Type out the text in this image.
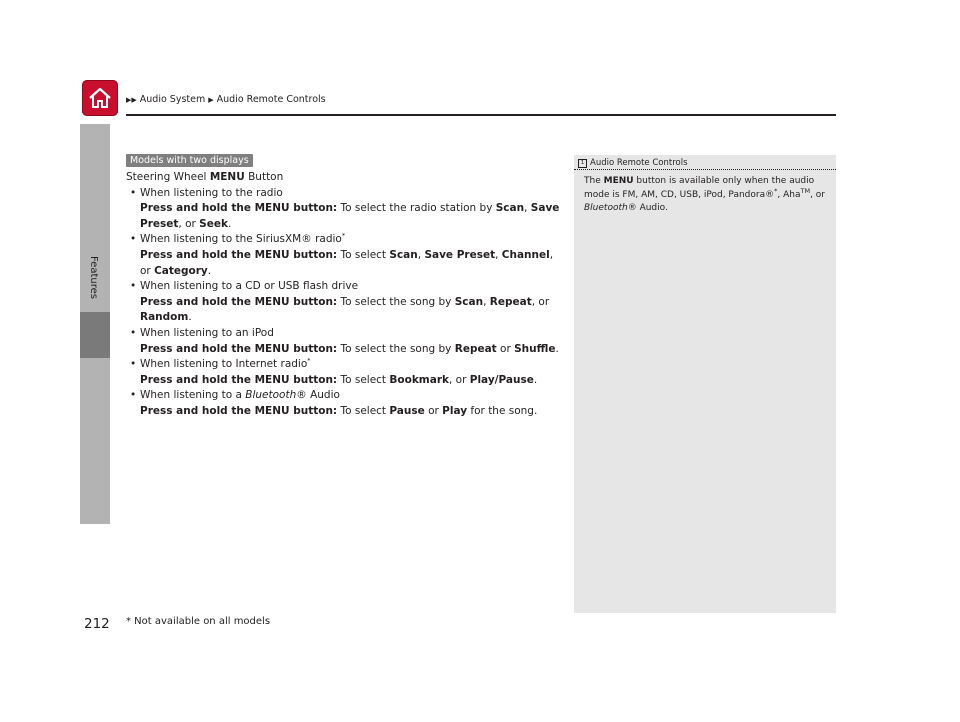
▶▶ Audio System ▶ Audio Remote Controls
Features
Models with two displays

Steering Wheel MENU Button

• When listening to the radio

Press and hold the MENU button: To select the radio station by Scan, Save Preset, or Seek.

• When listening to the SiriusXM® radio*

Press and hold the MENU button: To select Scan, Save Preset, Channel, or Category.

• When listening to a CD or USB flash drive

Press and hold the MENU button: To select the song by Scan, Repeat, or Random.

• When listening to an iPod

Press and hold the MENU button: To select the song by Repeat or Shuffle.

• When listening to Internet radio*

Press and hold the MENU button: To select Bookmark, or Play/Pause.

• When listening to a Bluetooth® Audio

Press and hold the MENU button: To select Pause or Play for the song.

1 Audio Remote Controls
The MENU button is available only when the audio mode is FM, AM, CD, USB, iPod, Pandora®*, Aha™, or Bluetooth® Audio.
212 * Not available on all models
